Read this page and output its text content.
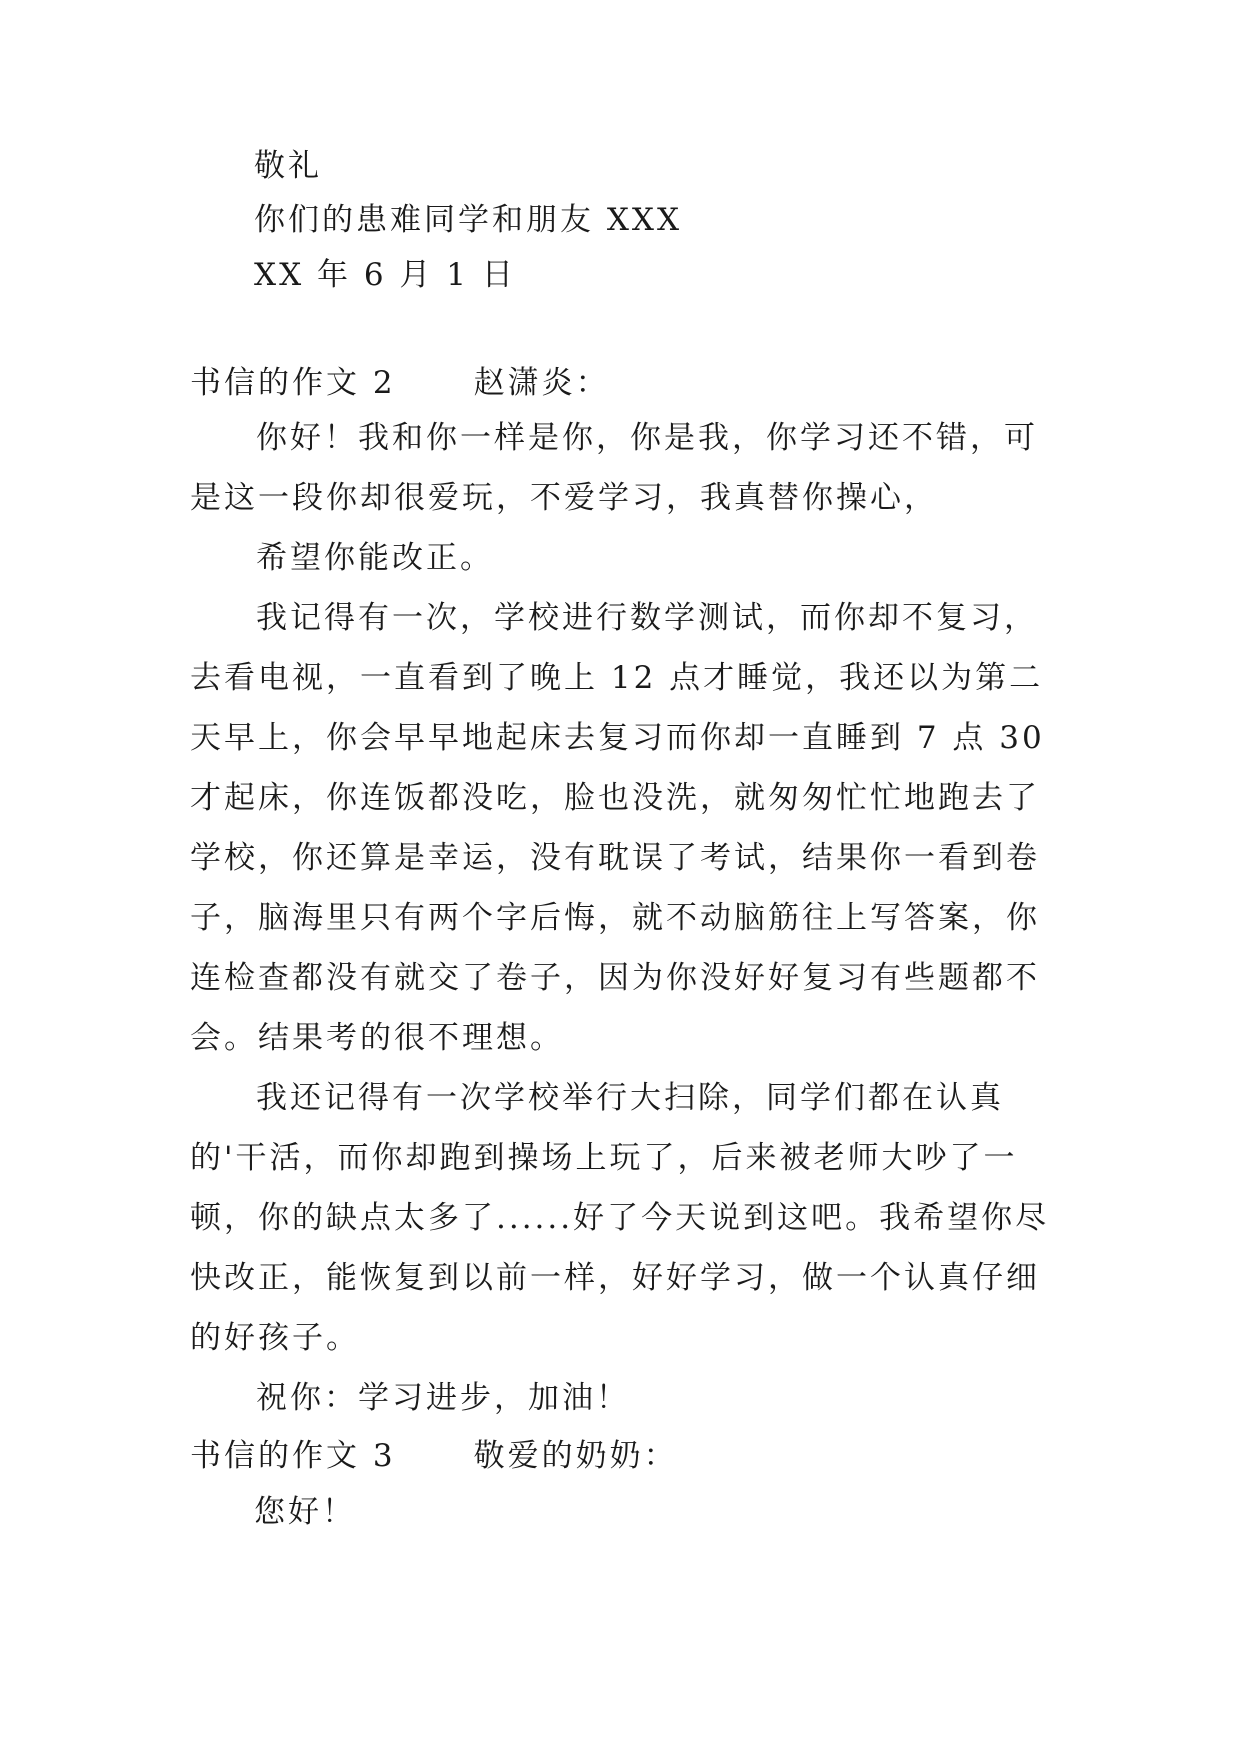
敬礼
你们的患难同学和朋友 XXX
XX 年 6 月 1 日
书信的作文 2	赵潇炎：

你好！我和你一样是你，你是我，你学习还不错，可是这一段你却很爱玩，不爱学习，我真替你操心，

希望你能改正。

我记得有一次，学校进行数学测试，而你却不复习，去看电视，一直看到了晚上 12 点才睡觉，我还以为第二天早上，你会早早地起床去复习而你却一直睡到 7 点 30 才起床，你连饭都没吃，脸也没洗，就匆匆忙忙地跑去了学校，你还算是幸运，没有耽误了考试，结果你一看到卷子，脑海里只有两个字后悔，就不动脑筋往上写答案，你连检查都没有就交了卷子，因为你没好好复习有些题都不会。结果考的很不理想。

我还记得有一次学校举行大扫除，同学们都在认真的'干活，而你却跑到操场上玩了，后来被老师大吵了一顿，你的缺点太多了......好了今天说到这吧。我希望你尽快改正，能恢复到以前一样，好好学习，做一个认真仔细的好孩子。

祝你：学习进步，加油！

书信的作文 3	敬爱的奶奶：
您好！
